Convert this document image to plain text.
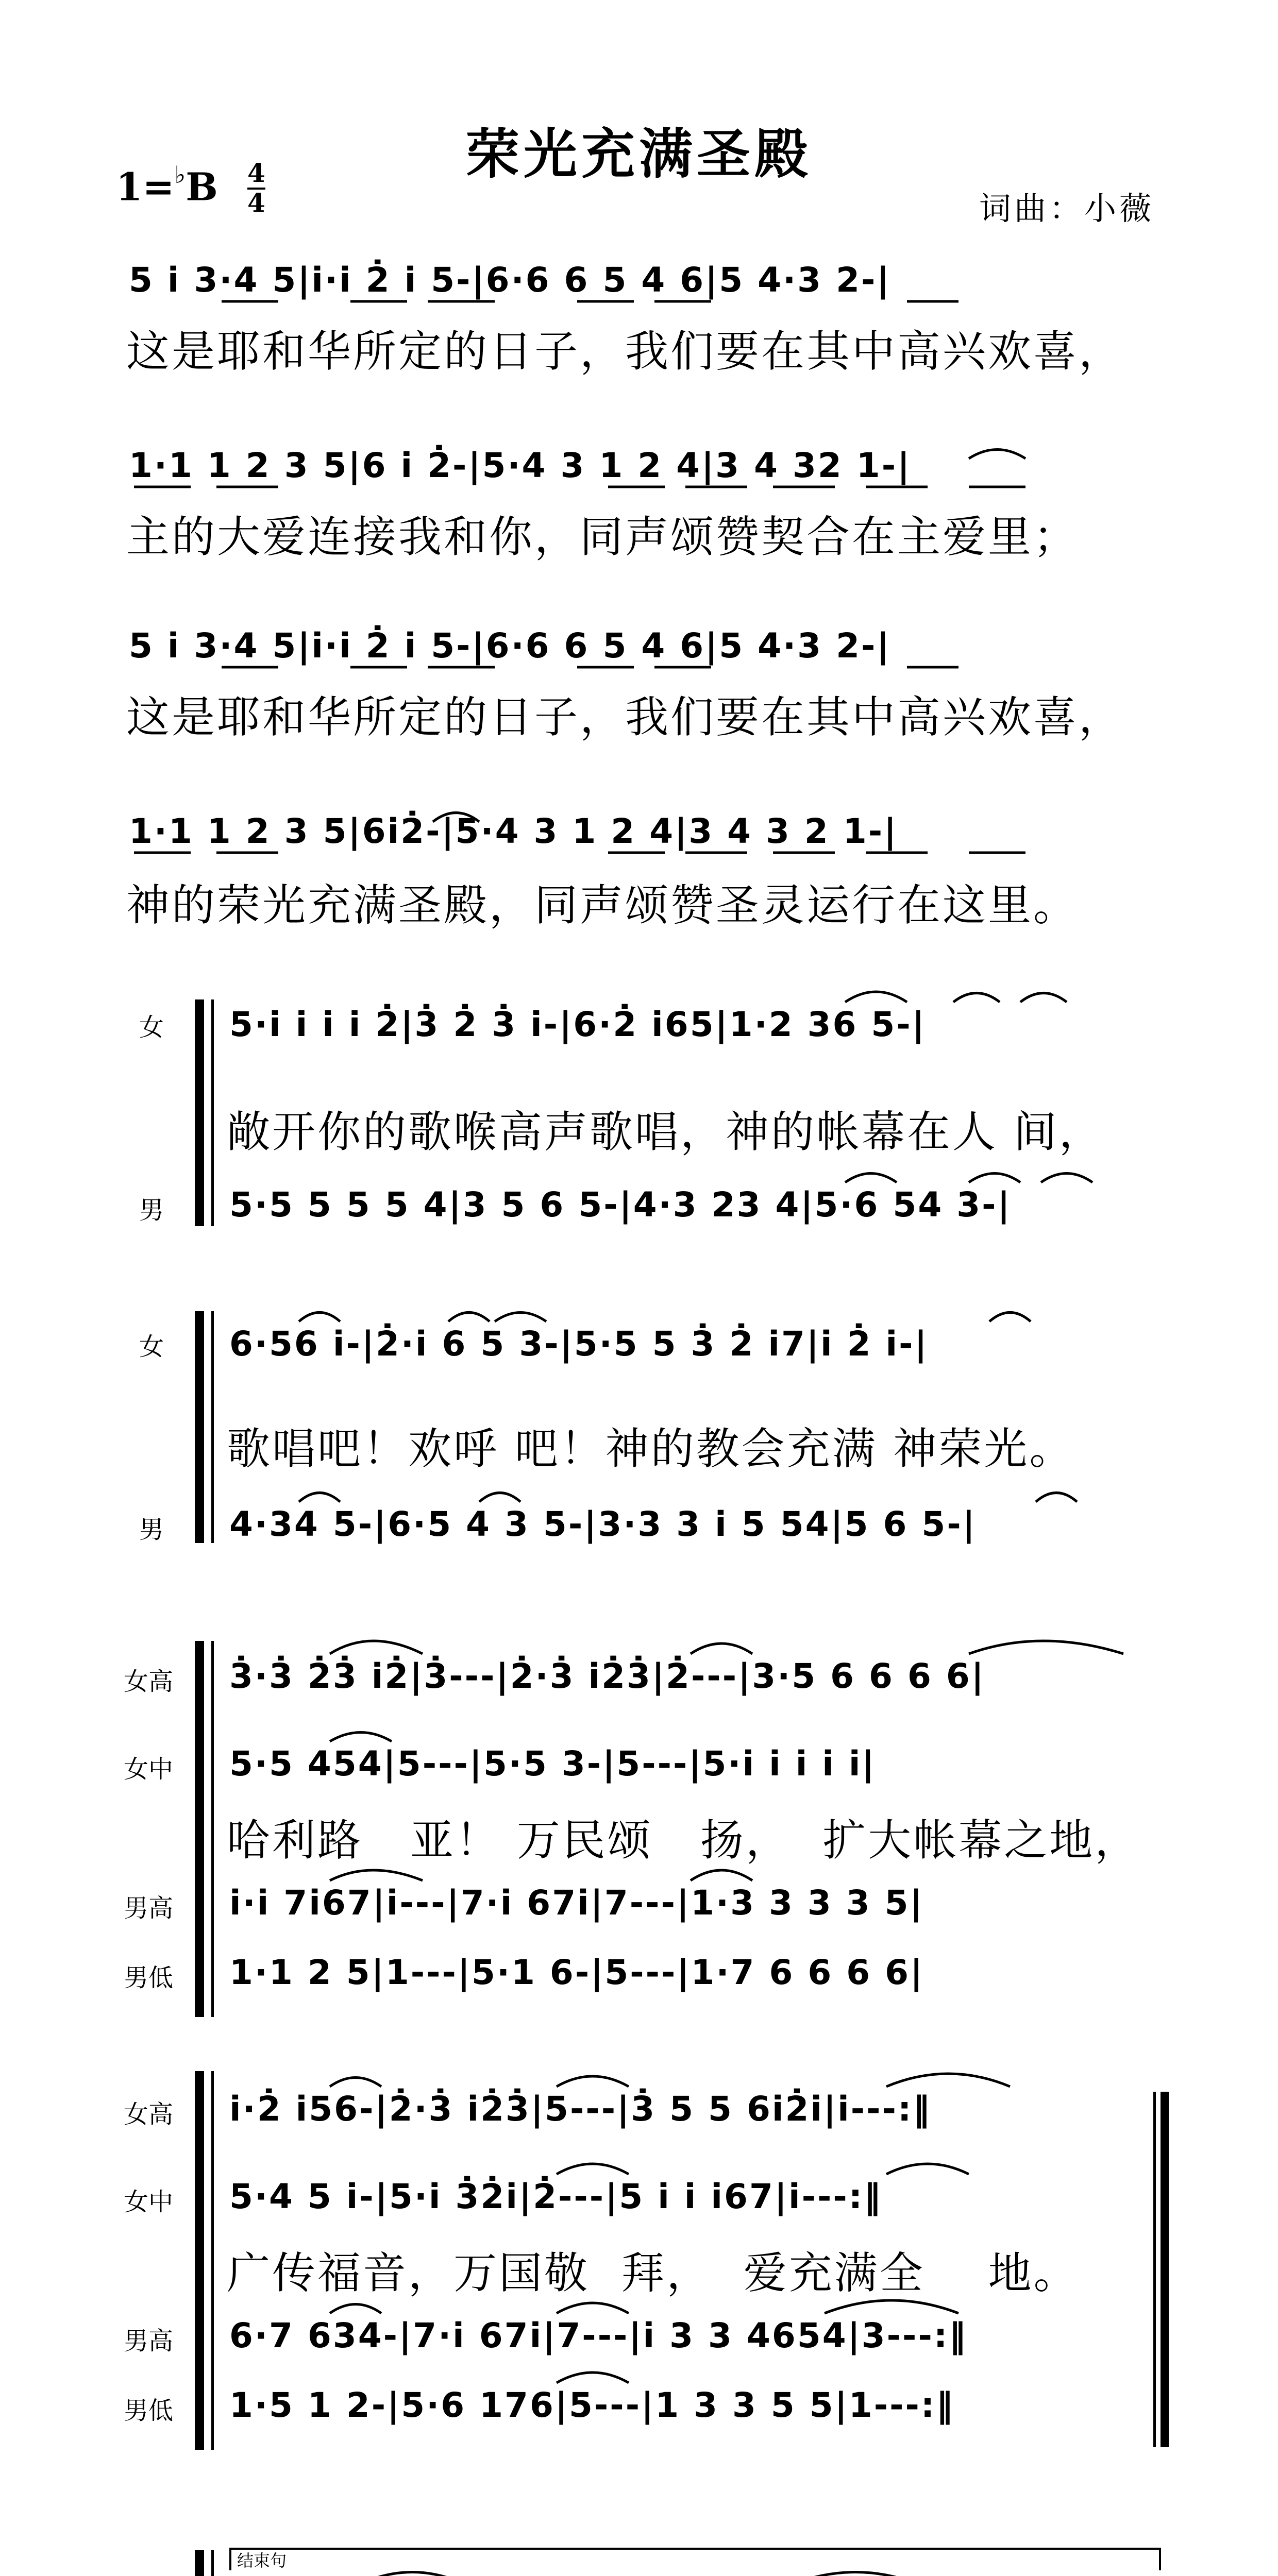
荣光充满圣殿
$1=^♭B \frac{4}{4}$	词曲：小薇
5 i̇ 3·4 5|i̇·i̇ 2̇ i̇ 5-|6·6 6 5 4 6|5 4·3 2-|
这是耶和华所定的日子，我们要在其中高兴欢喜，
1·1 1 2 3 5|6 i̇ 2̇-|5·4 3 1 2 4|3 4 32 1-|
主的大爱连接我和你，同声颂赞契合在主爱里；
5 i̇ 3·4 5|i̇·i̇ 2̇ i̇ 5-|6·6 6 5 4 6|5 4·3 2-|
这是耶和华所定的日子，我们要在其中高兴欢喜，
1·1 1 2 3 5|6i̇2̇-|5·4 3 1 2 4|3 4 3 2 1-|
神的荣光充满圣殿，同声颂赞圣灵运行在这里。
女 5·i̇ i̇ i̇ i̇ 2̇|3̇ 2̇ 3̇ i̇-|6·2̇ i̇65|1·2 36 5-|
敞开你的歌喉高声歌唱，神的帐幕在人 间，
男 5·5 5 5 5 4|3 5 6 5-|4·3 23 4|5·6 54 3-|
女 6·56 i̇-|2̇·i̇ 6 5 3-|5·5 5 3̇ 2̇ i̇7|i̇ 2̇ i̇-|
歌唱吧！欢呼 吧！神的教会充满 神荣光。
男 4·34 5-|6·5 4 3 5-|3·3 3 i̇ 5 54|5 6 5-|
女高 3̇·3̇ 2̇3̇ i̇2̇|3̇---|2̇·3̇ i̇2̇3̇|2̇---|3·5 6 6 6 6|
女中 5·5 454|5---|5·5 3-|5---|5·i̇ i̇ i̇ i̇ i̇|
哈利路   亚！ 万民颂   扬，  扩大帐幕之地，
男高 i̇·i̇ 7i̇67|i̇---|7·i̇ 67i̇|7---|1·3 3 3 3 5|
男低 1·1 2 5|1---|5·1 6-|5---|1·7 6 6 6 6|
女高 i̇·2̇ i̇56-|2̇·3̇ i̇2̇3̇|5---|3̇ 5 5 6i̇2̇i̇|i̇---:‖
女中 5·4 5 i̇-|5·i̇ 3̇2̇i̇|2̇---|5 i̇ i̇ i̇67|i̇---:‖
广传福音，万国敬  拜，  爱充满全    地。
男高 6·7 634-|7·i̇ 67i̇|7---|i̇ 3 3 4654|3---:‖
男低 1·5 1 2-|5·6 176|5---|1 3 3 5 5|1---:‖
结束句
